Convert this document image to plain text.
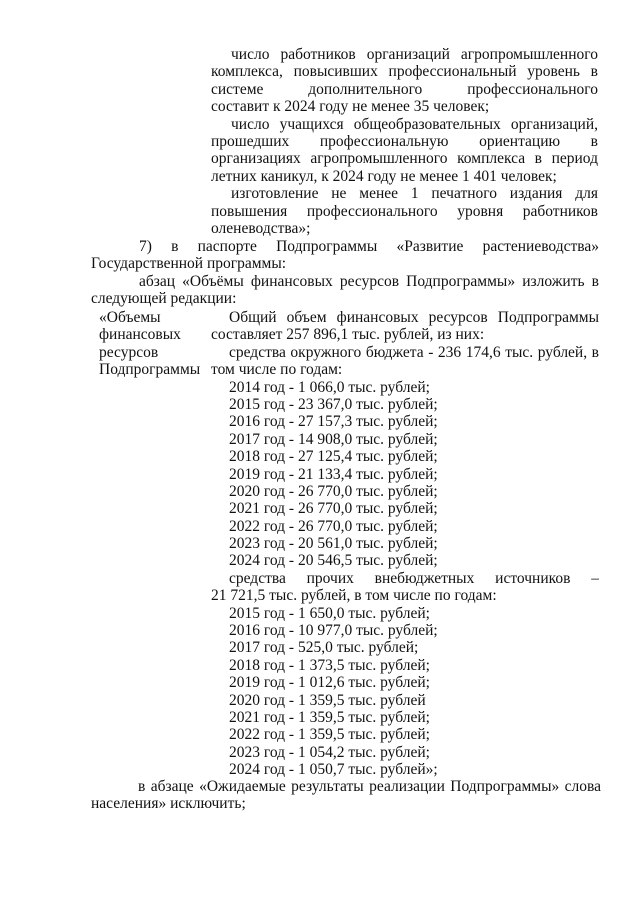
число работников организаций агропромышленного
комплекса, повысивших профессиональный уровень в
системе дополнительного профессионального
составит к 2024 году не менее 35 человек;
число учащихся общеобразовательных организаций,
прошедших профессиональную ориентацию в
организациях агропромышленного комплекса в период
летних каникул, к 2024 году не менее 1 401 человек;
изготовление не менее 1 печатного издания для
повышения профессионального уровня работников
оленеводства»;
7) в паспорте Подпрограммы «Развитие растениеводства»
Государственной программы:
абзац «Объёмы финансовых ресурсов Подпрограммы» изложить в
следующей редакции:
«Объемы
финансовых
ресурсов
Подпрограммы
Общий объем финансовых ресурсов Подпрограммы
составляет 257 896,1 тыс. рублей, из них:
средства окружного бюджета - 236 174,6 тыс. рублей, в
том числе по годам:
2014 год - 1 066,0 тыс. рублей;
2015 год - 23 367,0 тыс. рублей;
2016 год - 27 157,3 тыс. рублей;
2017 год - 14 908,0 тыс. рублей;
2018 год - 27 125,4 тыс. рублей;
2019 год - 21 133,4 тыс. рублей;
2020 год - 26 770,0 тыс. рублей;
2021 год - 26 770,0 тыс. рублей;
2022 год - 26 770,0 тыс. рублей;
2023 год - 20 561,0 тыс. рублей;
2024 год - 20 546,5 тыс. рублей;
средства прочих внебюджетных источников –
21 721,5 тыс. рублей, в том числе по годам:
2015 год - 1 650,0 тыс. рублей;
2016 год - 10 977,0 тыс. рублей;
2017 год - 525,0 тыс. рублей;
2018 год - 1 373,5 тыс. рублей;
2019 год - 1 012,6 тыс. рублей;
2020 год - 1 359,5 тыс. рублей
2021 год - 1 359,5 тыс. рублей;
2022 год - 1 359,5 тыс. рублей;
2023 год - 1 054,2 тыс. рублей;
2024 год - 1 050,7 тыс. рублей»;
в абзаце «Ожидаемые результаты реализации Подпрограммы» слова
населения» исключить;
